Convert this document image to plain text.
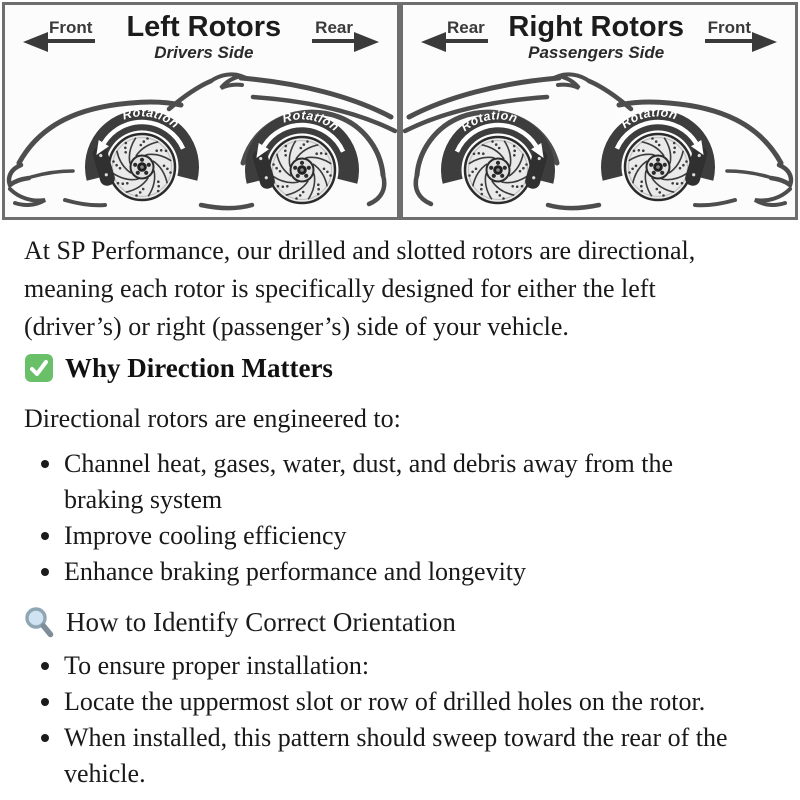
Front Left Rotors
Drivers Side
Rear
Rotation	Rotation
Rear Right Rotors
Passengers Side
Front
Rotation
Rotation
At SP Performance, our drilled and slotted rotors are directional,
meaning each rotor is specifically designed for either the left
(driver’s) or right (passenger’s) side of your vehicle.
Why Direction Matters
Directional rotors are engineered to:
Channel heat, gases, water, dust, and debris away from the
braking system
Improve cooling efficiency
Enhance braking performance and longevity
How to Identify Correct Orientation
To ensure proper installation:
Locate the uppermost slot or row of drilled holes on the rotor.
When installed, this pattern should sweep toward the rear of the
vehicle.
